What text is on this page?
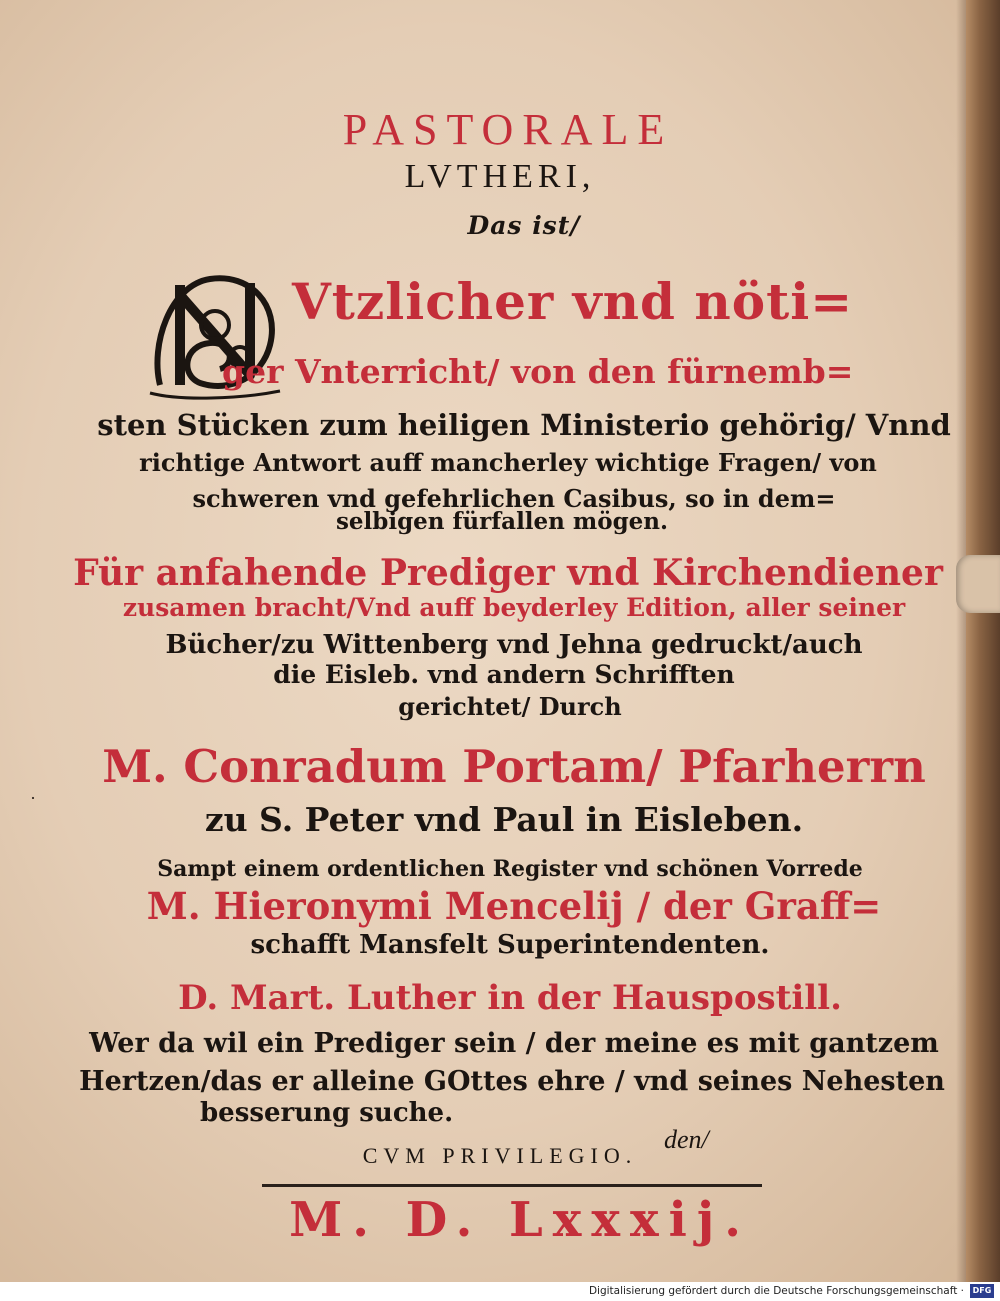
PASTORALE
LVTHERI,
Das ist/
Vtzlicher vnd nöti=
ger Vnterricht/ von den fürnemb=
sten Stücken zum heiligen Ministerio gehörig/ Vnnd
richtige Antwort auff mancherley wichtige Fragen/ von
schweren vnd gefehrlichen Casibus, so in dem=
selbigen fürfallen mögen.
Für anfahende Prediger vnd Kirchendiener
zusamen bracht/Vnd auff beyderley Edition, aller seiner
Bücher/zu Wittenberg vnd Jehna gedruckt/auch
die Eisleb. vnd andern Schrifften
gerichtet/ Durch
M. Conradum Portam/ Pfarherrn
zu S. Peter vnd Paul in Eisleben.
Sampt einem ordentlichen Register vnd schönen Vorrede
M. Hieronymi Mencelij / der Graff=
schafft Mansfelt Superintendenten.
D. Mart. Luther in der Hauspostill.
Wer da wil ein Prediger sein / der meine es mit gantzem
Hertzen/das er alleine GOttes ehre / vnd seines Nehesten
besserung suche.
CVM PRIVILEGIO.
den/
M. D. Lxxxij.
·
Digitalisierung gefördert durch die Deutsche Forschungsgemeinschaft ·	DFG
